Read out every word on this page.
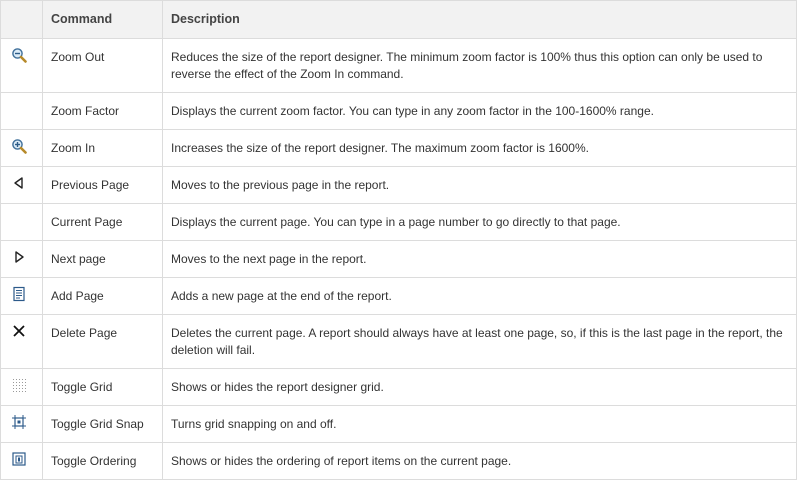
	Command	Description

	Zoom Out	Reduces the size of the report designer. The minimum zoom factor is 100% thus this option can only be used to reverse the effect of the Zoom In command.
	Zoom Factor	Displays the current zoom factor. You can type in any zoom factor in the 100-1600% range.

	Zoom In	Increases the size of the report designer. The maximum zoom factor is 1600%.

	Previous Page	Moves to the previous page in the report.
	Current Page	Displays the current page. You can type in a page number to go directly to that page.

	Next page	Moves to the next page in the report.

	Add Page	Adds a new page at the end of the report.

	Delete Page	Deletes the current page. A report should always have at least one page, so, if this is the last page in the report, the deletion will fail.

	Toggle Grid	Shows or hides the report designer grid.

	Toggle Grid Snap	Turns grid snapping on and off.

	Toggle Ordering	Shows or hides the ordering of report items on the current page.
